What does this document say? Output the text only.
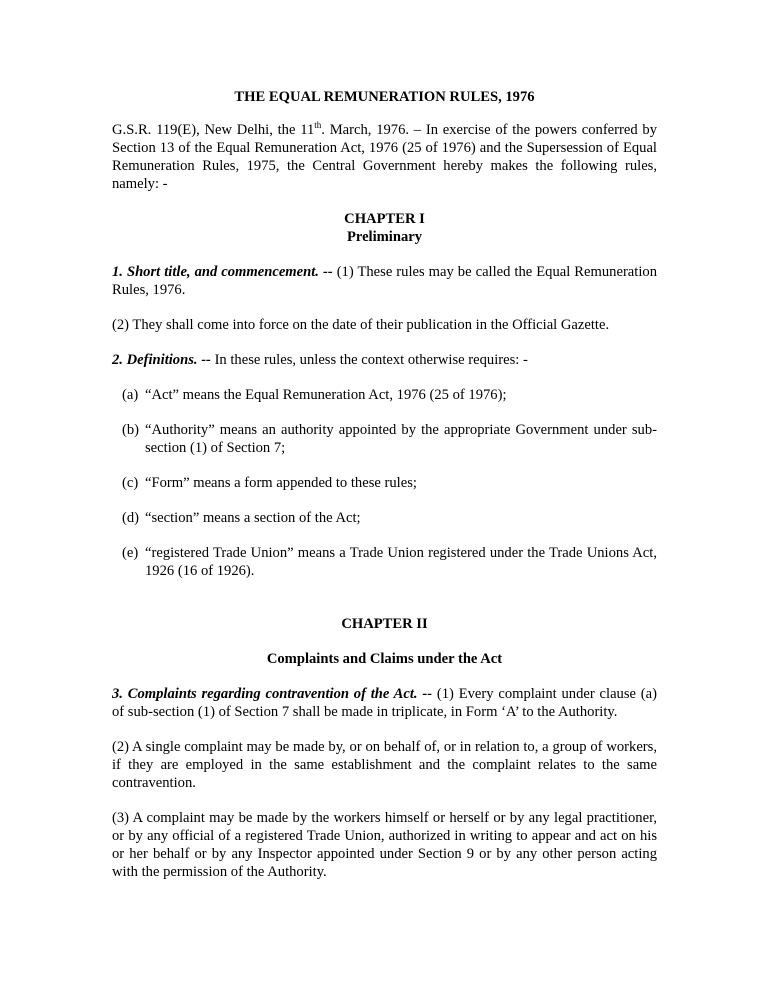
THE EQUAL REMUNERATION RULES, 1976

G.S.R. 119(E), New Delhi, the 11th. March, 1976. – In exercise of the powers conferred by Section 13 of the Equal Remuneration Act, 1976 (25 of 1976) and the Supersession of Equal Remuneration Rules, 1975, the Central Government hereby makes the following rules, namely: -

CHAPTER I
Preliminary

1. Short title, and commencement. -- (1) These rules may be called the Equal Remuneration Rules, 1976.

(2) They shall come into force on the date of their publication in the Official Gazette.

2. Definitions. -- In these rules, unless the context otherwise requires: -

(a) “Act” means the Equal Remuneration Act, 1976 (25 of 1976);
(b) “Authority” means an authority appointed by the appropriate Government under sub-section (1) of Section 7;
(c) “Form” means a form appended to these rules;
(d) “section” means a section of the Act;
(e) “registered Trade Union” means a Trade Union registered under the Trade Unions Act, 1926 (16 of 1926).
CHAPTER II
Complaints and Claims under the Act

3. Complaints regarding contravention of the Act. -- (1) Every complaint under clause (a) of sub-section (1) of Section 7 shall be made in triplicate, in Form ‘A’ to the Authority.

(2) A single complaint may be made by, or on behalf of, or in relation to, a group of workers, if they are employed in the same establishment and the complaint relates to the same contravention.

(3) A complaint may be made by the workers himself or herself or by any legal practitioner, or by any official of a registered Trade Union, authorized in writing to appear and act on his or her behalf or by any Inspector appointed under Section 9 or by any other person acting with the permission of the Authority.
